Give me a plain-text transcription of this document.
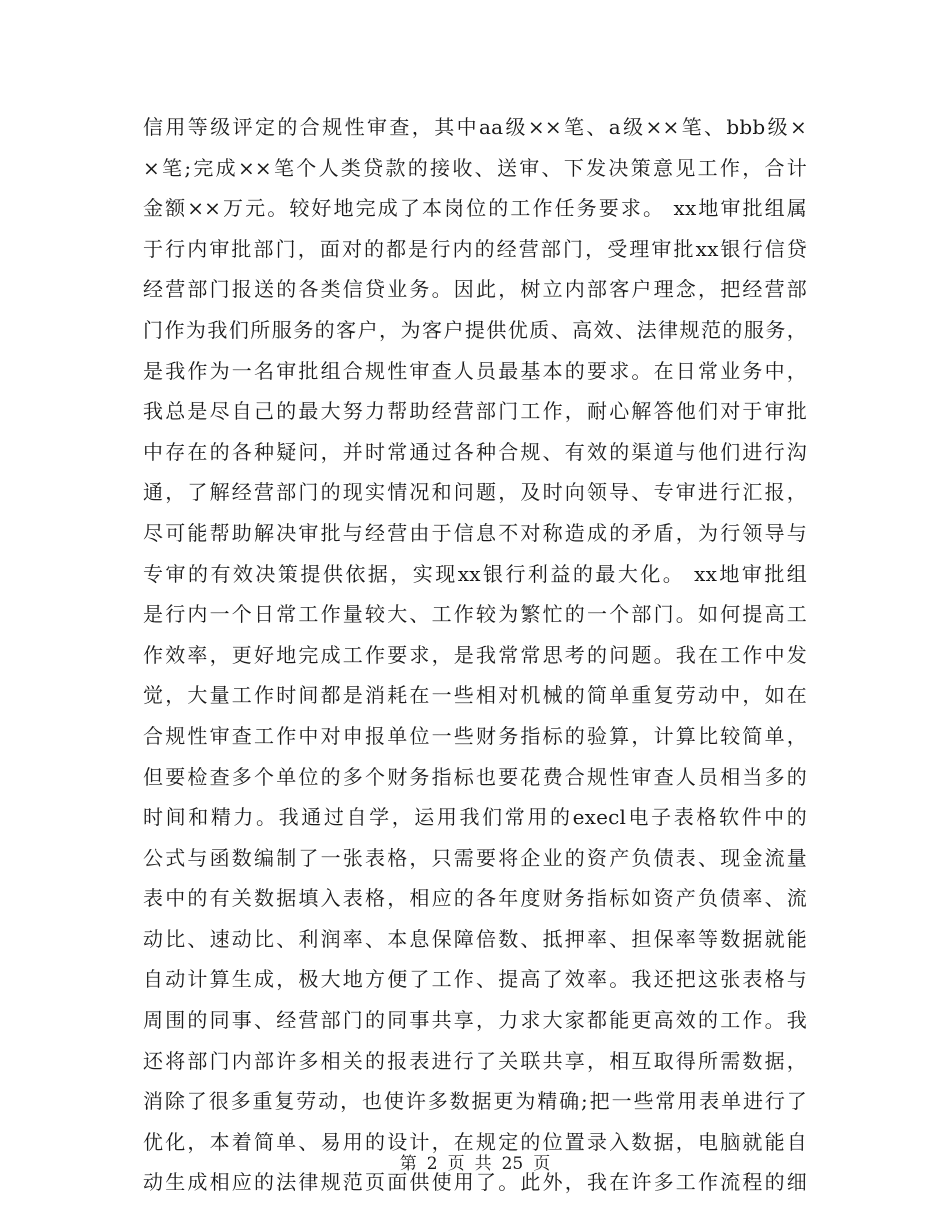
信用等级评定的合规性审查，其中aa级××笔、a级××笔、bbb级×
×笔;完成××笔个人类贷款的接收、送审、下发决策意见工作，合计
金额××万元。较好地完成了本岗位的工作任务要求。 xx地审批组属
于行内审批部门，面对的都是行内的经营部门，受理审批xx银行信贷
经营部门报送的各类信贷业务。因此，树立内部客户理念，把经营部
门作为我们所服务的客户，为客户提供优质、高效、法律规范的服务，
是我作为一名审批组合规性审查人员最基本的要求。在日常业务中，
我总是尽自己的最大努力帮助经营部门工作，耐心解答他们对于审批
中存在的各种疑问，并时常通过各种合规、有效的渠道与他们进行沟
通，了解经营部门的现实情况和问题，及时向领导、专审进行汇报，
尽可能帮助解决审批与经营由于信息不对称造成的矛盾，为行领导与
专审的有效决策提供依据，实现xx银行利益的最大化。 xx地审批组
是行内一个日常工作量较大、工作较为繁忙的一个部门。如何提高工
作效率，更好地完成工作要求，是我常常思考的问题。我在工作中发
觉，大量工作时间都是消耗在一些相对机械的简单重复劳动中，如在
合规性审查工作中对申报单位一些财务指标的验算，计算比较简单，
但要检查多个单位的多个财务指标也要花费合规性审查人员相当多的
时间和精力。我通过自学，运用我们常用的execl电子表格软件中的
公式与函数编制了一张表格，只需要将企业的资产负债表、现金流量
表中的有关数据填入表格，相应的各年度财务指标如资产负债率、流
动比、速动比、利润率、本息保障倍数、抵押率、担保率等数据就能
自动计算生成，极大地方便了工作、提高了效率。我还把这张表格与
周围的同事、经营部门的同事共享，力求大家都能更高效的工作。我
还将部门内部许多相关的报表进行了关联共享，相互取得所需数据，
消除了很多重复劳动，也使许多数据更为精确;把一些常用表单进行了
优化，本着简单、易用的设计，在规定的位置录入数据，电脑就能自
动生成相应的法律规范页面供使用了。此外，我在许多工作流程的细
第 2 页 共 25 页
